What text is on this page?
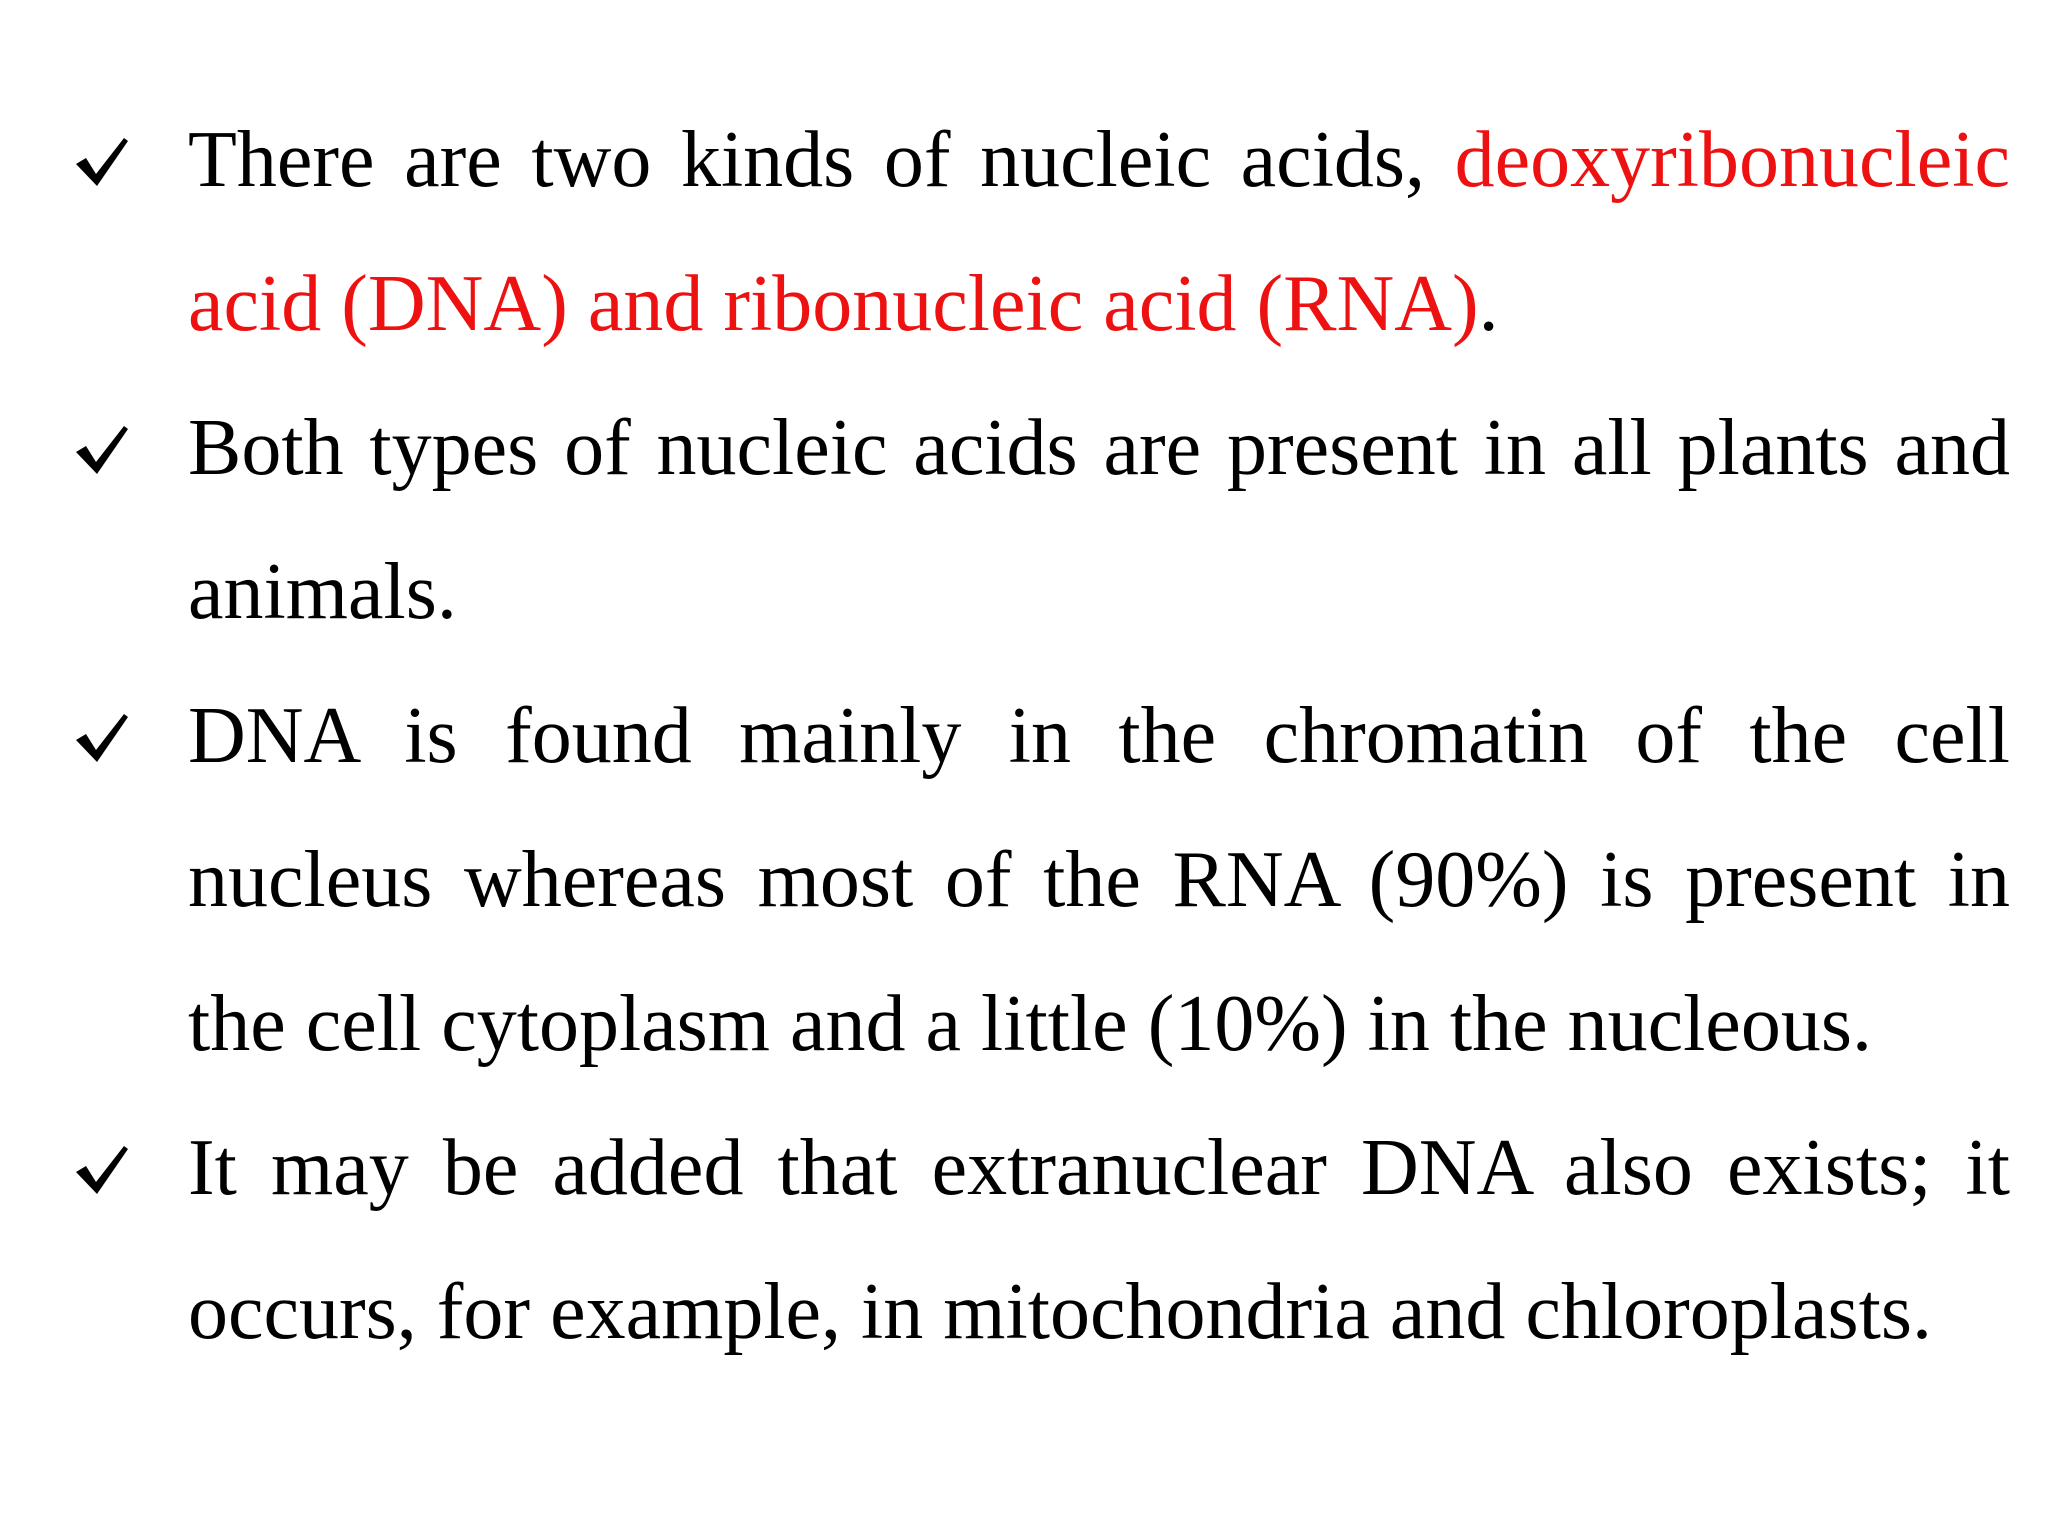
There are two kinds of nucleic acids, deoxyribonucleic acid (DNA) and ribonucleic acid (RNA).

Both types of nucleic acids are present in all plants and animals.

DNA is found mainly in the chromatin of the cell nucleus whereas most of the RNA (90%) is present in the cell cytoplasm and a little (10%) in the nucleous.

It may be added that extranuclear DNA also exists; it occurs, for example, in mitochondria and chloroplasts.
